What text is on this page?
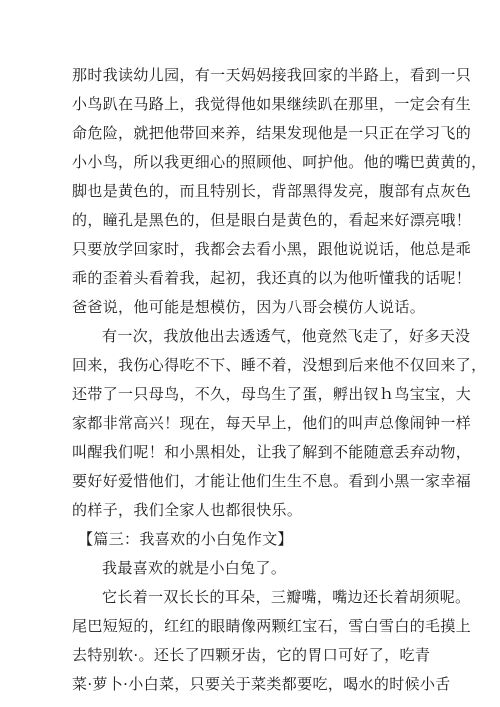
那时我读幼儿园，有一天妈妈接我回家的半路上，看到一只
小鸟趴在马路上，我觉得他如果继续趴在那里，一定会有生
命危险，就把他带回来养，结果发现他是一只正在学习飞的
小小鸟，所以我更细心的照顾他、呵护他。他的嘴巴黄黄的，
脚也是黄色的，而且特别长，背部黑得发亮，腹部有点灰色
的，瞳孔是黑色的，但是眼白是黄色的，看起来好漂亮哦！
只要放学回家时，我都会去看小黑，跟他说说话，他总是乖
乖的歪着头看着我，起初，我还真的以为他听懂我的话呢！
爸爸说，他可能是想模仿，因为八哥会模仿人说话。
有一次，我放他出去透透气，他竟然飞走了，好多天没
回来，我伤心得吃不下、睡不着，没想到后来他不仅回来了，
还带了一只母鸟，不久，母鸟生了蛋，孵出钗ｈ鸟宝宝，大
家都非常高兴！现在，每天早上，他们的叫声总像闹钟一样
叫醒我们呢！和小黑相处，让我了解到不能随意丢弃动物，
要好好爱惜他们，才能让他们生生不息。看到小黑一家幸福
的样子，我们全家人也都很快乐。
【篇三：我喜欢的小白兔作文】
我最喜欢的就是小白兔了。
它长着一双长长的耳朵，三瓣嘴，嘴边还长着胡须呢。
尾巴短短的，红红的眼睛像两颗红宝石，雪白雪白的毛摸上
去特别软·。还长了四颗牙齿，它的胃口可好了，吃青
菜·萝卜·小白菜，只要关于菜类都要吃，喝水的时候小舌
